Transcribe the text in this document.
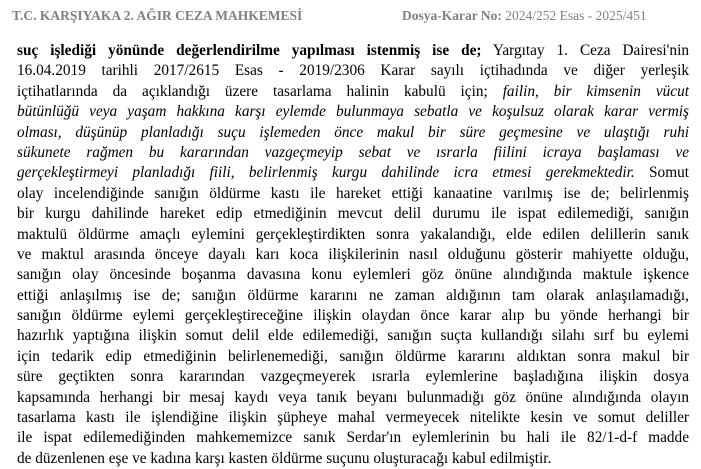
T.C. KARŞIYAKA 2. AĞIR CEZA MAHKEMESİ	Dosya-Karar No: 2024/252 Esas - 2025/451
suç işlediği yönünde değerlendirilme yapılması istenmiş ise de; Yargıtay 1. Ceza Dairesi'nin
16.04.2019 tarihli 2017/2615 Esas - 2019/2306 Karar sayılı içtihadında ve diğer yerleşik
içtihatlarında da açıklandığı üzere tasarlama halinin kabulü için; failin, bir kimsenin vücut
bütünlüğü veya yaşam hakkına karşı eylemde bulunmaya sebatla ve koşulsuz olarak karar vermiş
olması, düşünüp planladığı suçu işlemeden önce makul bir süre geçmesine ve ulaştığı ruhi
sükunete rağmen bu kararından vazgeçmeyip sebat ve ısrarla fiilini icraya başlaması ve
gerçekleştirmeyi planladığı fiili, belirlenmiş kurgu dahilinde icra etmesi gerekmektedir. Somut
olay incelendiğinde sanığın öldürme kastı ile hareket ettiği kanaatine varılmış ise de; belirlenmiş
bir kurgu dahilinde hareket edip etmediğinin mevcut delil durumu ile ispat edilemediği, sanığın
maktulü öldürme amaçlı eylemini gerçekleştirdikten sonra yakalandığı, elde edilen delillerin sanık
ve maktul arasında önceye dayalı karı koca ilişkilerinin nasıl olduğunu gösterir mahiyette olduğu,
sanığın olay öncesinde boşanma davasına konu eylemleri göz önüne alındığında maktule işkence
ettiği anlaşılmış ise de; sanığın öldürme kararını ne zaman aldığının tam olarak anlaşılamadığı,
sanığın öldürme eylemi gerçekleştireceğine ilişkin olaydan önce karar alıp bu yönde herhangi bir
hazırlık yaptığına ilişkin somut delil elde edilemediği, sanığın suçta kullandığı silahı sırf bu eylemi
için tedarik edip etmediğinin belirlenemediği, sanığın öldürme kararını aldıktan sonra makul bir
süre geçtikten sonra kararından vazgeçmeyerek ısrarla eylemlerine başladığına ilişkin dosya
kapsamında herhangi bir mesaj kaydı veya tanık beyanı bulunmadığı göz önüne alındığında olayın
tasarlama kastı ile işlendiğine ilişkin şüpheye mahal vermeyecek nitelikte kesin ve somut deliller
ile ispat edilemediğinden mahkememizce sanık Serdar'ın eylemlerinin bu hali ile 82/1-d-f madde
de düzenlenen eşe ve kadına karşı kasten öldürme suçunu oluşturacağı kabul edilmiştir.
